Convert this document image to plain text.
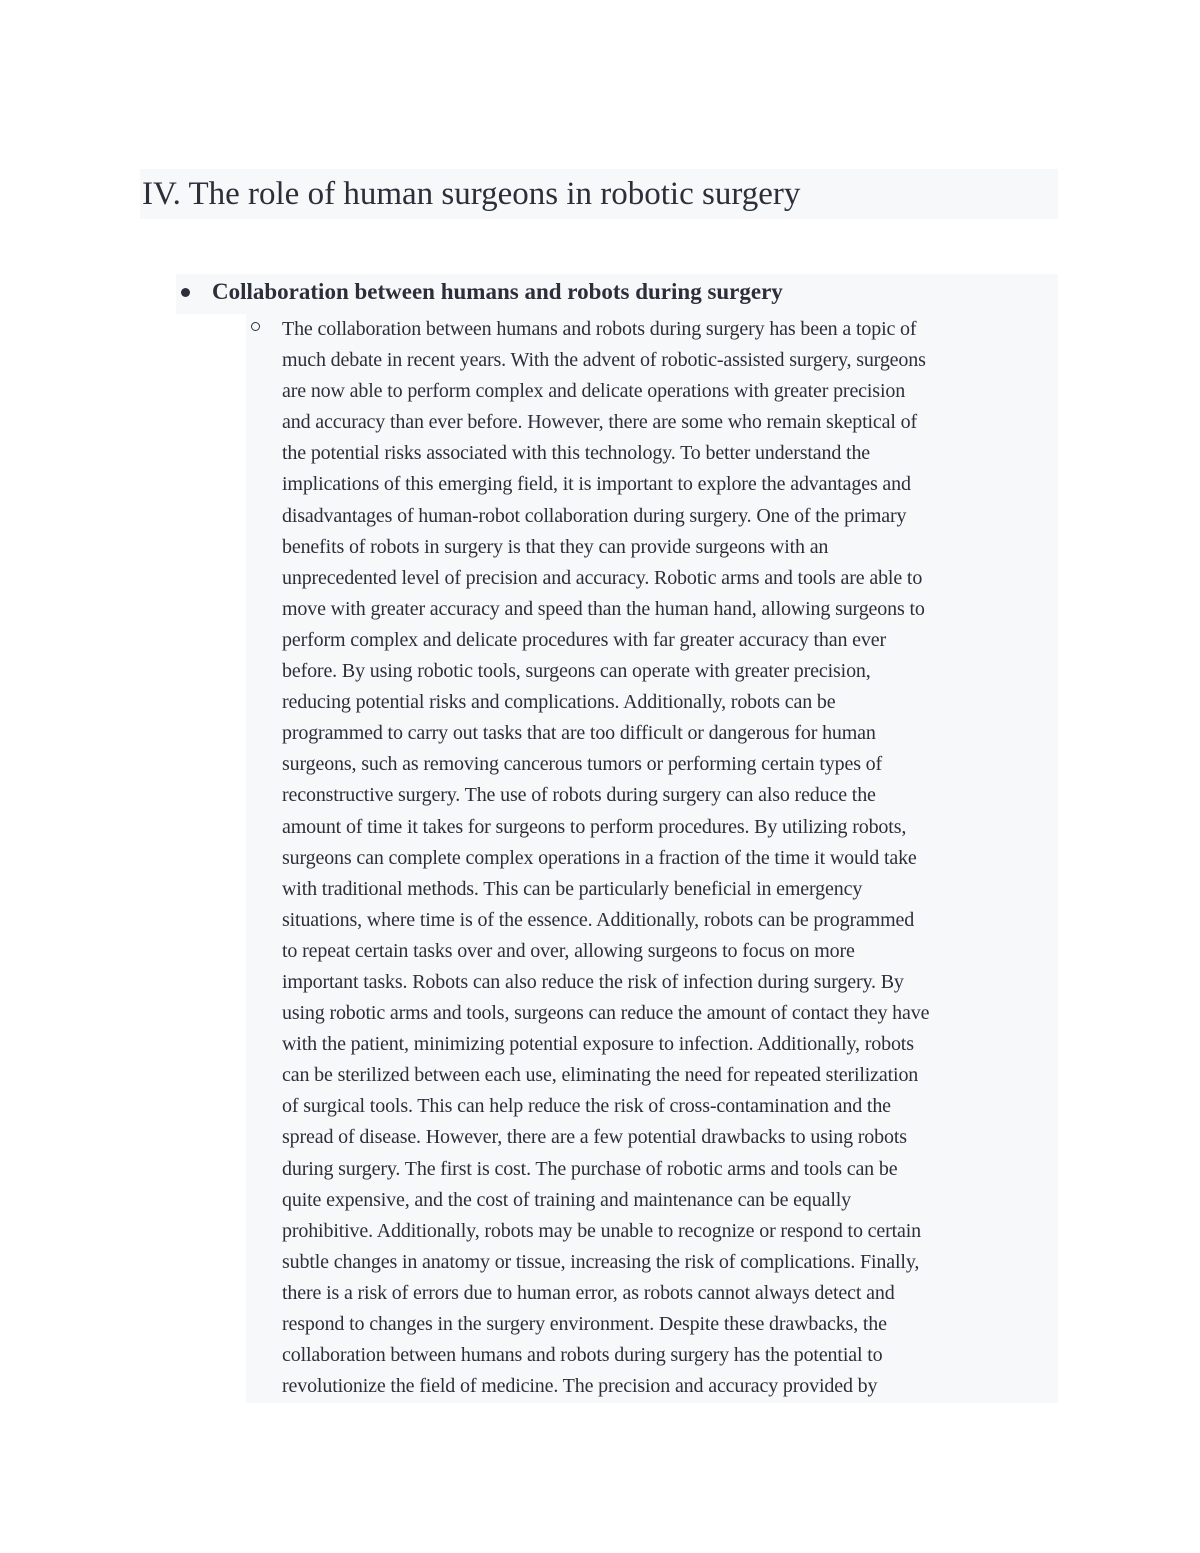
IV. The role of human surgeons in robotic surgery
Collaboration between humans and robots during surgery

The collaboration between humans and robots during surgery has been a topic of
much debate in recent years. With the advent of robotic-assisted surgery, surgeons
are now able to perform complex and delicate operations with greater precision
and accuracy than ever before. However, there are some who remain skeptical of
the potential risks associated with this technology. To better understand the
implications of this emerging field, it is important to explore the advantages and
disadvantages of human-robot collaboration during surgery. One of the primary
benefits of robots in surgery is that they can provide surgeons with an
unprecedented level of precision and accuracy. Robotic arms and tools are able to
move with greater accuracy and speed than the human hand, allowing surgeons to
perform complex and delicate procedures with far greater accuracy than ever
before. By using robotic tools, surgeons can operate with greater precision,
reducing potential risks and complications. Additionally, robots can be
programmed to carry out tasks that are too difficult or dangerous for human
surgeons, such as removing cancerous tumors or performing certain types of
reconstructive surgery. The use of robots during surgery can also reduce the
amount of time it takes for surgeons to perform procedures. By utilizing robots,
surgeons can complete complex operations in a fraction of the time it would take
with traditional methods. This can be particularly beneficial in emergency
situations, where time is of the essence. Additionally, robots can be programmed
to repeat certain tasks over and over, allowing surgeons to focus on more
important tasks. Robots can also reduce the risk of infection during surgery. By
using robotic arms and tools, surgeons can reduce the amount of contact they have
with the patient, minimizing potential exposure to infection. Additionally, robots
can be sterilized between each use, eliminating the need for repeated sterilization
of surgical tools. This can help reduce the risk of cross-contamination and the
spread of disease. However, there are a few potential drawbacks to using robots
during surgery. The first is cost. The purchase of robotic arms and tools can be
quite expensive, and the cost of training and maintenance can be equally
prohibitive. Additionally, robots may be unable to recognize or respond to certain
subtle changes in anatomy or tissue, increasing the risk of complications. Finally,
there is a risk of errors due to human error, as robots cannot always detect and
respond to changes in the surgery environment. Despite these drawbacks, the
collaboration between humans and robots during surgery has the potential to
revolutionize the field of medicine. The precision and accuracy provided by
